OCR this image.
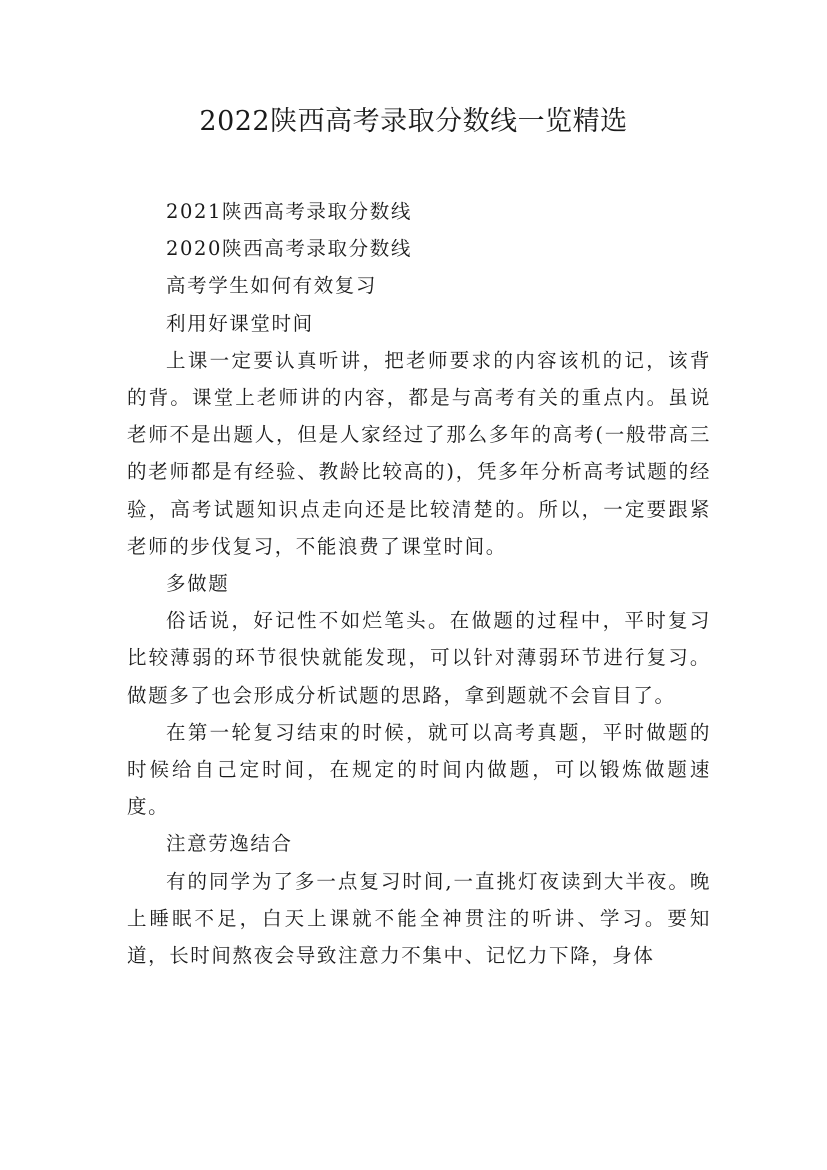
2022陕西高考录取分数线一览精选

2021陕西高考录取分数线

2020陕西高考录取分数线

高考学生如何有效复习

利用好课堂时间

上课一定要认真听讲，把老师要求的内容该机的记，该背的背。课堂上老师讲的内容，都是与高考有关的重点内。虽说老师不是出题人，但是人家经过了那么多年的高考(一般带高三的老师都是有经验、教龄比较高的)，凭多年分析高考试题的经验，高考试题知识点走向还是比较清楚的。所以，一定要跟紧老师的步伐复习，不能浪费了课堂时间。

多做题

俗话说，好记性不如烂笔头。在做题的过程中，平时复习比较薄弱的环节很快就能发现，可以针对薄弱环节进行复习。做题多了也会形成分析试题的思路，拿到题就不会盲目了。

在第一轮复习结束的时候，就可以高考真题，平时做题的时候给自己定时间，在规定的时间内做题，可以锻炼做题速度。

注意劳逸结合

有的同学为了多一点复习时间,一直挑灯夜读到大半夜。晚上睡眠不足，白天上课就不能全神贯注的听讲、学习。要知道，长时间熬夜会导致注意力不集中、记忆力下降，身体
